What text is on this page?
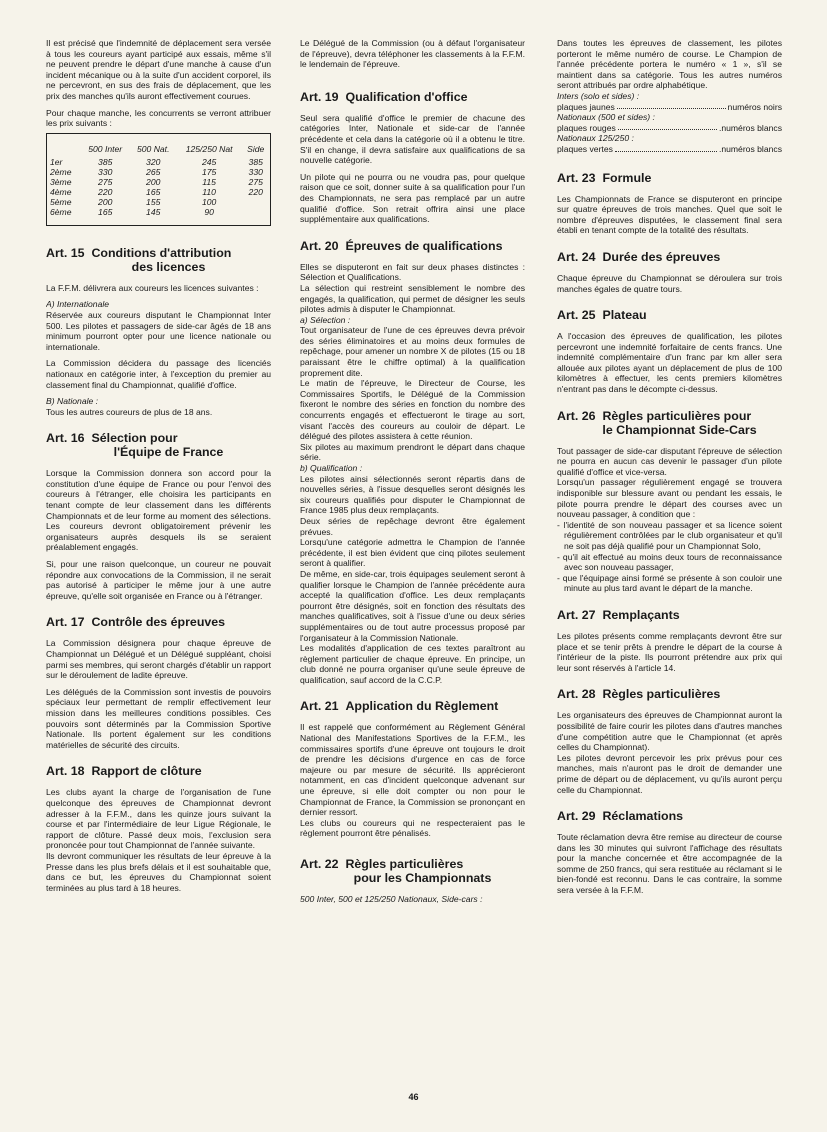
Il est précisé que l'indemnité de déplacement sera versée à tous les coureurs ayant participé aux essais, même s'il ne peuvent prendre le départ d'une manche à cause d'un incident mécanique ou à la suite d'un accident corporel, ils ne percevront, en sus des frais de déplacement, que les prix des manches qu'ils auront effectivement courues.

Pour chaque manche, les concurrents se verront attribuer les prix suivants :

	500 Inter	500 Nat.	125/250 Nat	Side
1er	385	320	245	385
2ème	330	265	175	330
3ème	275	200	115	275
4ème	220	165	110	220
5ème	200	155	100	
6ème	165	145	90	
Art. 15 Conditions d'attribution
des licences

La F.F.M. délivrera aux coureurs les licences suivantes :

A) Internationale

Réservée aux coureurs disputant le Championnat Inter 500. Les pilotes et passagers de side-car âgés de 18 ans minimum pourront opter pour une licence nationale ou internationale.

La Commission décidera du passage des licenciés nationaux en catégorie inter, à l'exception du premier au classement final du Championnat, qualifié d'office.

B) Nationale :

Tous les autres coureurs de plus de 18 ans.

Art. 16 Sélection pour
l'Équipe de France

Lorsque la Commission donnera son accord pour la constitution d'une équipe de France ou pour l'envoi des coureurs à l'étranger, elle choisira les participants en tenant compte de leur classement dans les différents Championnats et de leur forme au moment des sélections. Les coureurs devront obligatoirement prévenir les organisateurs auprès desquels ils se seraient préalablement engagés.

Si, pour une raison quelconque, un coureur ne pouvait répondre aux convocations de la Commission, il ne serait pas autorisé à participer le même jour à une autre épreuve, qu'elle soit organisée en France ou à l'étranger.

Art. 17 Contrôle des épreuves

La Commission désignera pour chaque épreuve de Championnat un Délégué et un Délégué suppléant, choisi parmi ses membres, qui seront chargés d'établir un rapport sur le déroulement de ladite épreuve.

Les délégués de la Commission sont investis de pouvoirs spéciaux leur permettant de remplir effectivement leur mission dans les meilleures conditions possibles. Ces pouvoirs sont déterminés par la Commission Sportive Nationale. Ils portent également sur les conditions matérielles de sécurité des circuits.

Art. 18 Rapport de clôture

Les clubs ayant la charge de l'organisation de l'une quelconque des épreuves de Championnat devront adresser à la F.F.M., dans les quinze jours suivant la course et par l'intermédiaire de leur Ligue Régionale, le rapport de clôture. Passé deux mois, l'exclusion sera prononcée pour tout Championnat de l'année suivante.

Ils devront communiquer les résultats de leur épreuve à la Presse dans les plus brefs délais et il est souhaitable que, dans ce but, les épreuves du Championnat soient terminées au plus tard à 18 heures.

Le Délégué de la Commission (ou à défaut l'organisateur de l'épreuve), devra téléphoner les classements à la F.F.M. le lendemain de l'épreuve.

Art. 19 Qualification d'office

Seul sera qualifié d'office le premier de chacune des catégories Inter, Nationale et side-car de l'année précédente et cela dans la catégorie où il a obtenu le titre. S'il en change, il devra satisfaire aux qualifications de sa nouvelle catégorie.

Un pilote qui ne pourra ou ne voudra pas, pour quelque raison que ce soit, donner suite à sa qualification pour l'un des Championnats, ne sera pas remplacé par un autre qualifié d'office. Son retrait offrira ainsi une place supplémentaire aux qualifications.

Art. 20 Épreuves de qualifications

Elles se disputeront en fait sur deux phases distinctes : Sélection et Qualifications.

La sélection qui restreint sensiblement le nombre des engagés, la qualification, qui permet de désigner les seuls pilotes admis à disputer le Championnat.

a) Sélection :

Tout organisateur de l'une de ces épreuves devra prévoir des séries éliminatoires et au moins deux formules de repêchage, pour amener un nombre X de pilotes (15 ou 18 paraissant être le chiffre optimal) à la qualification proprement dite.

Le matin de l'épreuve, le Directeur de Course, les Commissaires Sportifs, le Délégué de la Commission fixeront le nombre des séries en fonction du nombre des concurrents engagés et effectueront le tirage au sort, visant l'accès des coureurs au couloir de départ. Le délégué des pilotes assistera à cette réunion.

Six pilotes au maximum prendront le départ dans chaque série.

b) Qualification :

Les pilotes ainsi sélectionnés seront répartis dans de nouvelles séries, à l'issue desquelles seront désignés les six coureurs qualifiés pour disputer le Championnat de France 1985 plus deux remplaçants.

Deux séries de repêchage devront être également prévues.

Lorsqu'une catégorie admettra le Champion de l'année précédente, il est bien évident que cinq pilotes seulement seront à qualifier.

De même, en side-car, trois équipages seulement seront à qualifier lorsque le Champion de l'année précédente aura accepté la qualification d'office. Les deux remplaçants pourront être désignés, soit en fonction des résultats des manches qualificatives, soit à l'issue d'une ou deux séries supplémentaires ou de tout autre processus proposé par l'organisateur à la Commission Nationale.

Les modalités d'application de ces textes paraîtront au règlement particulier de chaque épreuve. En principe, un club donné ne pourra organiser qu'une seule épreuve de qualification, sauf accord de la C.C.P.

Art. 21 Application du Règlement

Il est rappelé que conformément au Règlement Général National des Manifestations Sportives de la F.F.M., les commissaires sportifs d'une épreuve ont toujours le droit de prendre les décisions d'urgence en cas de force majeure ou par mesure de sécurité. Ils apprécieront notamment, en cas d'incident quelconque advenant sur une épreuve, si elle doit compter ou non pour le Championnat de France, la Commission se prononçant en dernier ressort.

Les clubs ou coureurs qui ne respecteraient pas le règlement pourront être pénalisés.

Art. 22 Règles particulières
pour les Championnats

500 Inter, 500 et 125/250 Nationaux, Side-cars :

Dans toutes les épreuves de classement, les pilotes porteront le même numéro de course. Le Champion de l'année précédente portera le numéro « 1 », s'il se maintient dans sa catégorie. Tous les autres numéros seront attribués par ordre alphabétique.

Inters (solo et sides) :
plaques jaunes	numéros noirs
Nationaux (500 et sides) :
plaques rouges	.numéros blancs
Nationaux 125/250 :
plaques vertes	.numéros blancs
Art. 23 Formule

Les Championnats de France se disputeront en principe sur quatre épreuves de trois manches. Quel que soit le nombre d'épreuves disputées, le classement final sera établi en tenant compte de la totalité des résultats.

Art. 24 Durée des épreuves

Chaque épreuve du Championnat se déroulera sur trois manches égales de quatre tours.

Art. 25 Plateau

A l'occasion des épreuves de qualification, les pilotes percevront une indemnité forfaitaire de cents francs. Une indemnité complémentaire d'un franc par km aller sera allouée aux pilotes ayant un déplacement de plus de 100 kilomètres à effectuer, les cents premiers kilomètres n'entrant pas dans le décompte ci-dessus.

Art. 26 Règles particulières pour
le Championnat Side-Cars

Tout passager de side-car disputant l'épreuve de sélection ne pourra en aucun cas devenir le passager d'un pilote qualifié d'office et vice-versa.

Lorsqu'un passager régulièrement engagé se trouvera indisponible sur blessure avant ou pendant les essais, le pilote pourra prendre le départ des courses avec un nouveau passager, à condition que :

- l'identité de son nouveau passager et sa licence soient régulièrement contrôlées par le club organisateur et qu'il ne soit pas déjà qualifié pour un Championnat Solo,
- qu'il ait effectué au moins deux tours de reconnaissance avec son nouveau passager,
- que l'équipage ainsi formé se présente à son couloir une minute au plus tard avant le départ de la manche.
Art. 27 Remplaçants

Les pilotes présents comme remplaçants devront être sur place et se tenir prêts à prendre le départ de la course à l'intérieur de la piste. Ils pourront prétendre aux prix qui leur sont réservés à l'article 14.

Art. 28 Règles particulières

Les organisateurs des épreuves de Championnat auront la possibilité de faire courir les pilotes dans d'autres manches d'une compétition autre que le Championnat (et après celles du Championnat).

Les pilotes devront percevoir les prix prévus pour ces manches, mais n'auront pas le droit de demander une prime de départ ou de déplacement, vu qu'ils auront perçu celle du Championnat.

Art. 29 Réclamations

Toute réclamation devra être remise au directeur de course dans les 30 minutes qui suivront l'affichage des résultats pour la manche concernée et être accompagnée de la somme de 250 francs, qui sera restituée au réclamant si le bien-fondé est reconnu. Dans le cas contraire, la somme sera versée à la F.F.M.

46
